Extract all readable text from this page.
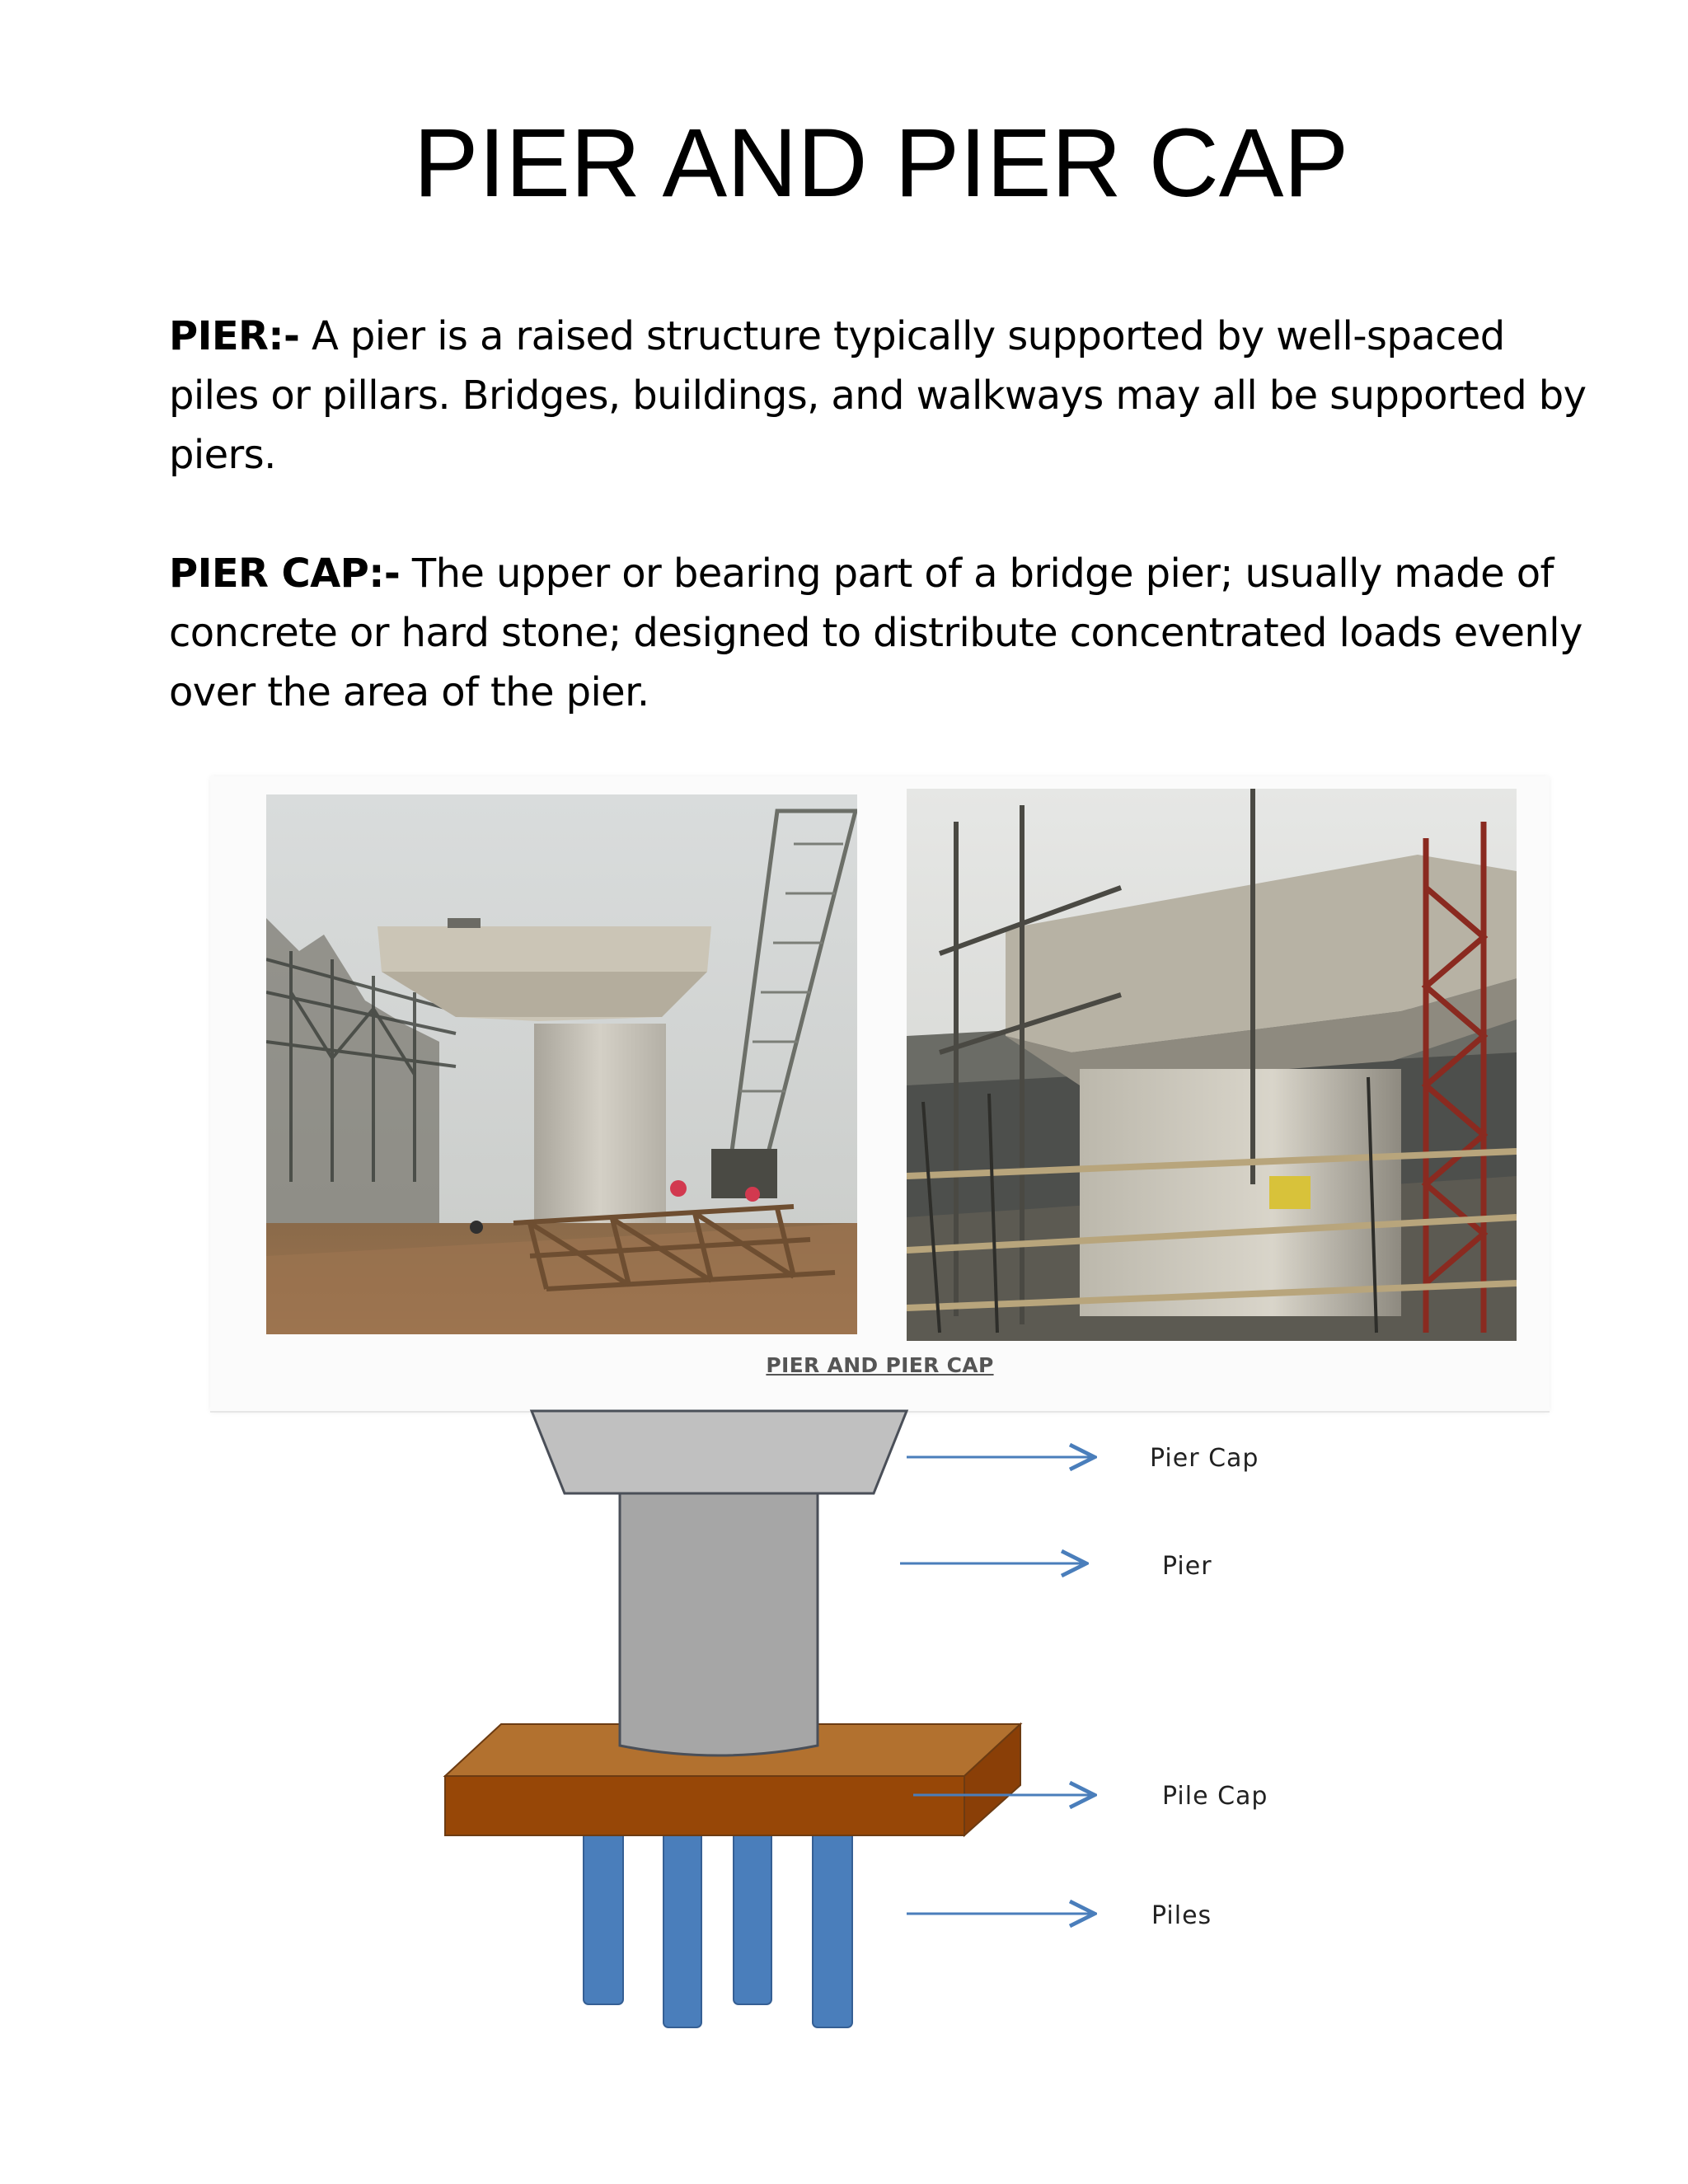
PIER AND PIER CAP

PIER:- A pier is a raised structure typically supported by well-spaced piles or pillars. Bridges, buildings, and walkways may all be supported by piers.

PIER CAP:- The upper or bearing part of a bridge pier; usually made of concrete or hard stone; designed to distribute concentrated loads evenly over the area of the pier.

PIER AND PIER CAP
Pier Cap
Pier
Pile Cap
Piles
